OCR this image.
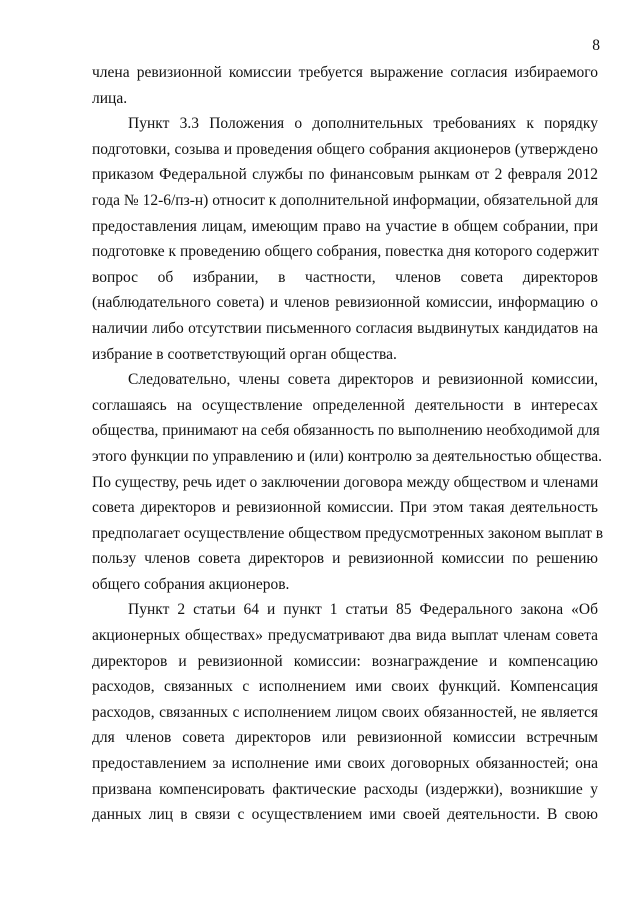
8
члена ревизионной комиссии требуется выражение согласия избираемого
лица.
Пункт 3.3 Положения о дополнительных требованиях к порядку
подготовки, созыва и проведения общего собрания акционеров (утверждено
приказом Федеральной службы по финансовым рынкам от 2 февраля 2012
года № 12-6/пз-н) относит к дополнительной информации, обязательной для
предоставления лицам, имеющим право на участие в общем собрании, при
подготовке к проведению общего собрания, повестка дня которого содержит
вопрос об избрании, в частности, членов совета директоров
(наблюдательного совета) и членов ревизионной комиссии, информацию о
наличии либо отсутствии письменного согласия выдвинутых кандидатов на
избрание в соответствующий орган общества.
Следовательно, члены совета директоров и ревизионной комиссии,
соглашаясь на осуществление определенной деятельности в интересах
общества, принимают на себя обязанность по выполнению необходимой для
этого функции по управлению и (или) контролю за деятельностью общества.
По существу, речь идет о заключении договора между обществом и членами
совета директоров и ревизионной комиссии. При этом такая деятельность
предполагает осуществление обществом предусмотренных законом выплат в
пользу членов совета директоров и ревизионной комиссии по решению
общего собрания акционеров.
Пункт 2 статьи 64 и пункт 1 статьи 85 Федерального закона «Об
акционерных обществах» предусматривают два вида выплат членам совета
директоров и ревизионной комиссии: вознаграждение и компенсацию
расходов, связанных с исполнением ими своих функций. Компенсация
расходов, связанных с исполнением лицом своих обязанностей, не является
для членов совета директоров или ревизионной комиссии встречным
предоставлением за исполнение ими своих договорных обязанностей; она
призвана компенсировать фактические расходы (издержки), возникшие у
данных лиц в связи с осуществлением ими своей деятельности. В свою
